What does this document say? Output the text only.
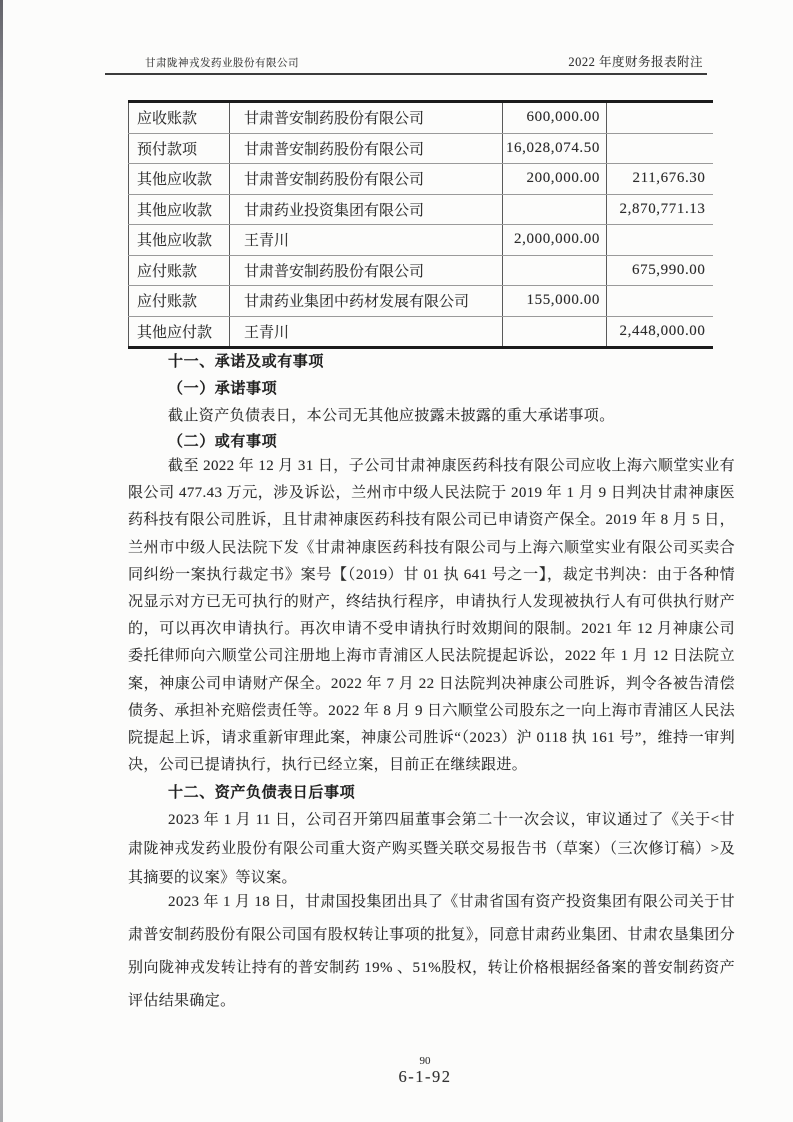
甘肃陇神戎发药业股份有限公司	2022 年度财务报表附注
应收账款	甘肃普安制药股份有限公司	600,000.00	
预付款项	甘肃普安制药股份有限公司	16,028,074.50	
其他应收款	甘肃普安制药股份有限公司	200,000.00	211,676.30
其他应收款	甘肃药业投资集团有限公司		2,870,771.13
其他应收款	王青川	2,000,000.00	
应付账款	甘肃普安制药股份有限公司		675,990.00
应付账款	甘肃药业集团中药材发展有限公司	155,000.00	
其他应付款	王青川		2,448,000.00
十一、承诺及或有事项
（一）承诺事项
截止资产负债表日，本公司无其他应披露未披露的重大承诺事项。
（二）或有事项
截至 2022 年 12 月 31 日，子公司甘肃神康医药科技有限公司应收上海六顺堂实业有限公司 477.43 万元，涉及诉讼，兰州市中级人民法院于 2019 年 1 月 9 日判决甘肃神康医药科技有限公司胜诉，且甘肃神康医药科技有限公司已申请资产保全。2019 年 8 月 5 日，兰州市中级人民法院下发《甘肃神康医药科技有限公司与上海六顺堂实业有限公司买卖合同纠纷一案执行裁定书》案号【（2019）甘 01 执 641 号之一】，裁定书判决：由于各种情况显示对方已无可执行的财产，终结执行程序，申请执行人发现被执行人有可供执行财产的，可以再次申请执行。再次申请不受申请执行时效期间的限制。2021 年 12 月神康公司委托律师向六顺堂公司注册地上海市青浦区人民法院提起诉讼，2022 年 1 月 12 日法院立案，神康公司申请财产保全。2022 年 7 月 22 日法院判决神康公司胜诉，判令各被告清偿债务、承担补充赔偿责任等。2022 年 8 月 9 日六顺堂公司股东之一向上海市青浦区人民法院提起上诉，请求重新审理此案，神康公司胜诉“（2023）沪 0118 执 161 号”，维持一审判决，公司已提请执行，执行已经立案，目前正在继续跟进。
十二、资产负债表日后事项
2023 年 1 月 11 日，公司召开第四届董事会第二十一次会议，审议通过了《关于<甘肃陇神戎发药业股份有限公司重大资产购买暨关联交易报告书（草案）（三次修订稿）>及其摘要的议案》等议案。
2023 年 1 月 18 日，甘肃国投集团出具了《甘肃省国有资产投资集团有限公司关于甘肃普安制药股份有限公司国有股权转让事项的批复》，同意甘肃药业集团、甘肃农垦集团分别向陇神戎发转让持有的普安制药 19% 、51%股权，转让价格根据经备案的普安制药资产评估结果确定。
90
6-1-92
